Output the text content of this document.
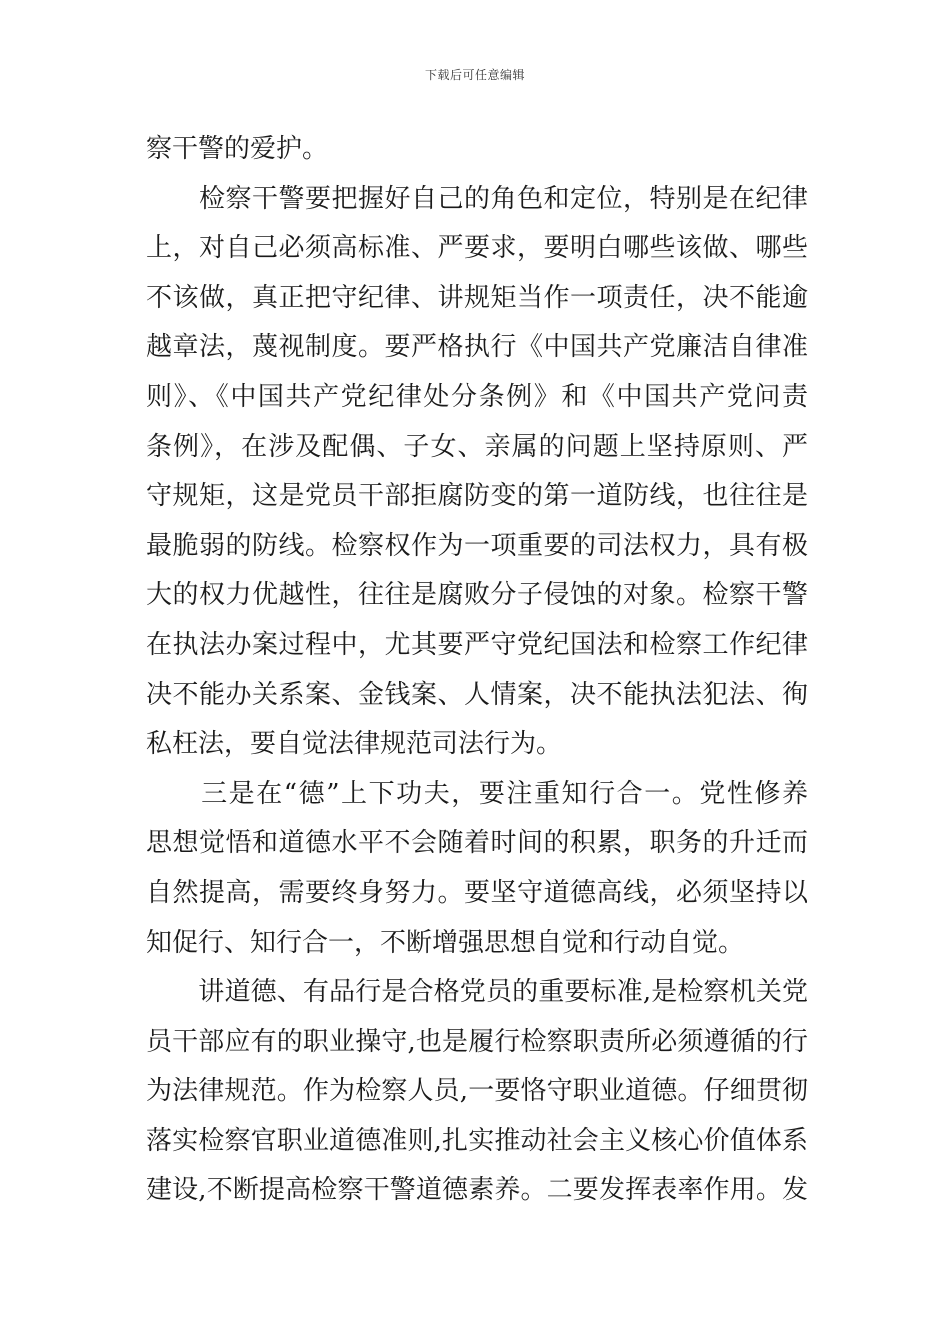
下载后可任意编辑

察干警的爱护。

　　检察干警要把握好自己的角色和定位，特别是在纪律
上，对自己必须高标准、严要求，要明白哪些该做、哪些
不该做，真正把守纪律、讲规矩当作一项责任，决不能逾
越章法，蔑视制度。要严格执行《中国共产党廉洁自律准
则》、《中国共产党纪律处分条例》和《中国共产党问责
条例》，在涉及配偶、子女、亲属的问题上坚持原则、严
守规矩，这是党员干部拒腐防变的第一道防线，也往往是
最脆弱的防线。检察权作为一项重要的司法权力，具有极
大的权力优越性，往往是腐败分子侵蚀的对象。检察干警
在执法办案过程中，尤其要严守党纪国法和检察工作纪律
决不能办关系案、金钱案、人情案，决不能执法犯法、徇
私枉法，要自觉法律规范司法行为。

　　三是在“德”上下功夫，要注重知行合一。党性修养
思想觉悟和道德水平不会随着时间的积累，职务的升迁而
自然提高，需要终身努力。要坚守道德高线，必须坚持以
知促行、知行合一，不断增强思想自觉和行动自觉。

　　讲道德、有品行是合格党员的重要标准,是检察机关党
员干部应有的职业操守,也是履行检察职责所必须遵循的行
为法律规范。作为检察人员,一要恪守职业道德。仔细贯彻
落实检察官职业道德准则,扎实推动社会主义核心价值体系
建设,不断提高检察干警道德素养。二要发挥表率作用。发
